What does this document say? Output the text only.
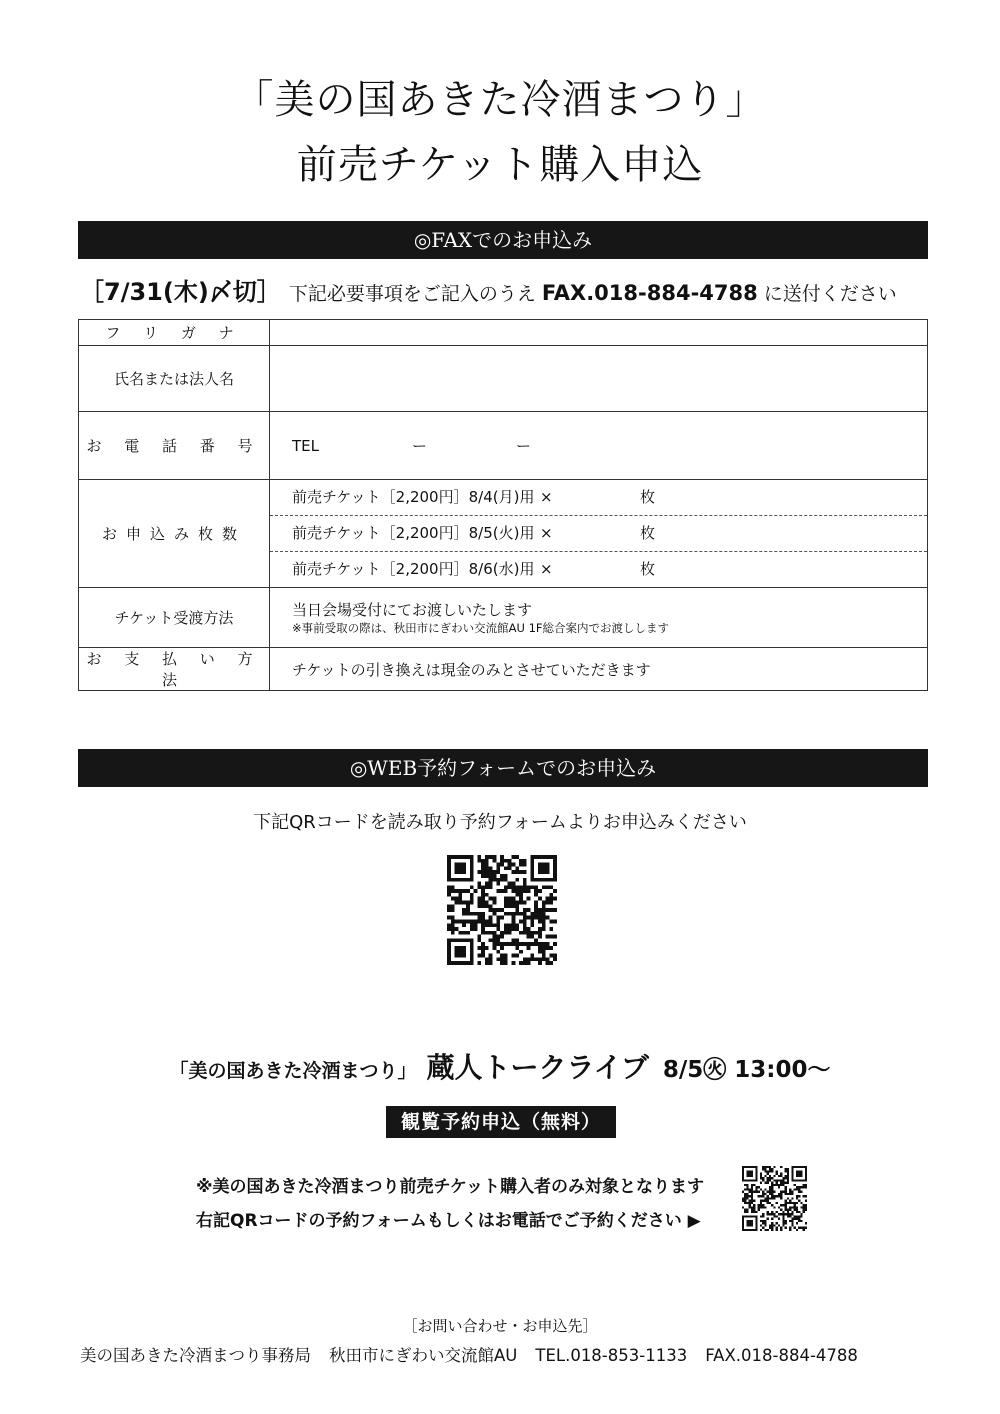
「美の国あきた冷酒まつり」
前売チケット購入申込
◎FAXでのお申込み
［7/31(木)〆切］ 下記必要事項をご記入のうえ FAX.018-884-4788 に送付ください
フ リ ガ ナ	
氏名または法人名	
お 電 話 番 号	TEL ー ー
お申込み枚数	前売チケット［2,200円］8/4(月)用 × 枚
前売チケット［2,200円］8/5(火)用 × 枚
前売チケット［2,200円］8/6(水)用 × 枚

チケット受渡方法	当日会場受付にてお渡しいたします
※事前受取の際は、秋田市にぎわい交流館AU 1F総合案内でお渡しします

お 支 払 い 方 法	チケットの引き換えは現金のみとさせていただきます
◎WEB予約フォームでのお申込み
下記QRコードを読み取り予約フォームよりお申込みください
「美の国あきた冷酒まつり」 蔵人トークライブ 8/5㊋ 13:00〜
観覧予約申込（無料）
※美の国あきた冷酒まつり前売チケット購入者のみ対象となります
右記QRコードの予約フォームもしくはお電話でご予約ください ▶
［お問い合わせ・お申込先］
美の国あきた冷酒まつり事務局 秋田市にぎわい交流館AU TEL.018-853-1133 FAX.018-884-4788
